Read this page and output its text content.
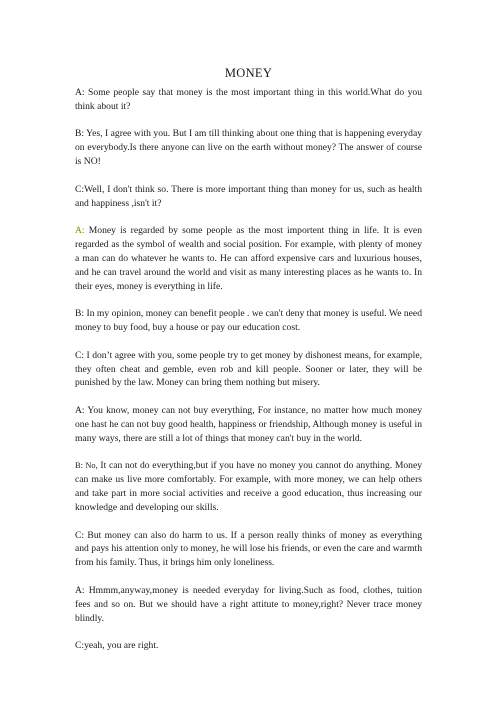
MONEY

A: Some people say that money is the most important thing in this world.What do you think about it?

B: Yes, I agree with you. But I am till thinking about one thing that is happening everyday on everybody.Is there anyone can live on the earth without money? The answer of course is NO!

C:Well, I don't think so. There is more important thing than money for us, such as health and happiness ,isn't it?

A: Money is regarded by some people as the most importent thing in life. It is even regarded as the symbol of wealth and social position. For example, with plenty of money a man can do whatever he wants to. He can afford expensive cars and luxurious houses, and he can travel around the world and visit as many interesting places as he wants to. In their eyes, money is everything in life.

B: In my opinion, money can benefit people . we can't deny that money is useful. We need money to buy food, buy a house or pay our education cost.

C: I don’t agree with you, some people try to get money by dishonest means, for example, they often cheat and gemble, even rob and kill people. Sooner or later, they will be punished by the law. Money can bring them nothing but misery.

A: You know, money can not buy everything, For instance, no matter how much money one hast he can not buy good health, happiness or friendship, Although money is useful in many ways, there are still a lot of things that money can't buy in the world.

B: No, It can not do everything,but if you have no money you cannot do anything. Money can make us live more comfortably. For example, with more money, we can help others and take part in more social activities and receive a good education, thus increasing our knowledge and developing our skills.

C: But money can also do harm to us. If a person really thinks of money as everything and pays his attention only to money, he will lose his friends, or even the care and warmth from his family. Thus, it brings him only loneliness.

A: Hmmm,anyway,money is needed everyday for living.Such as food, clothes, tuition fees and so on. But we should have a right attitute to money,right? Never trace money blindly.

C:yeah, you are right.
